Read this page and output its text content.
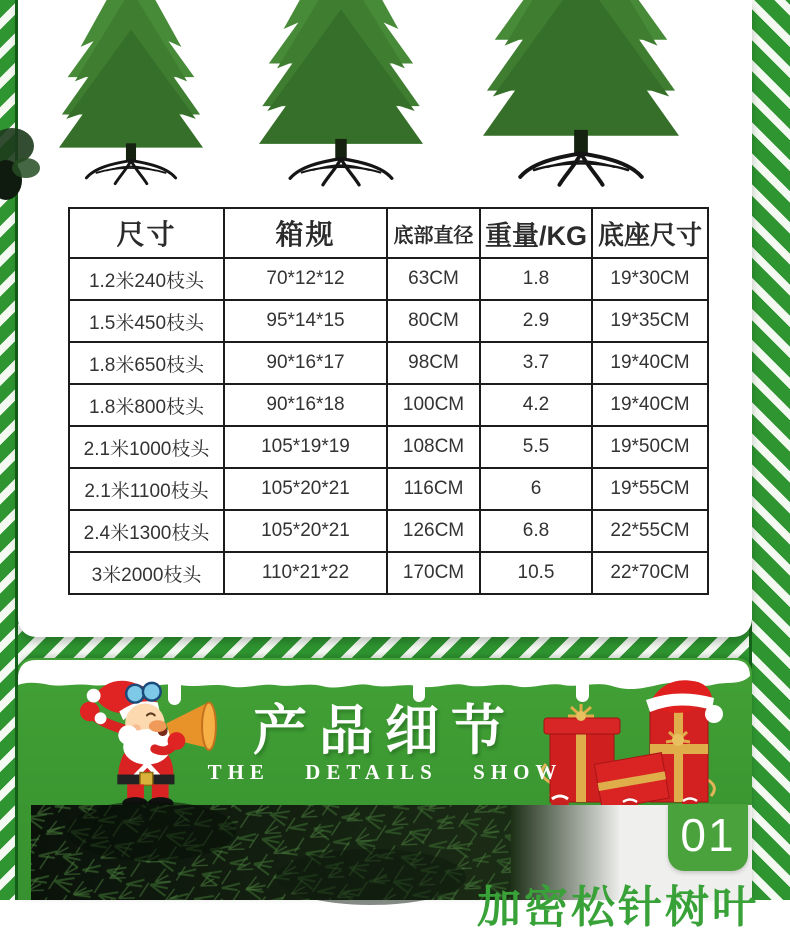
尺寸	箱规	底部直径	重量/KG	底座尺寸
1.2米240枝头	70*12*12	63CM	1.8	19*30CM
1.5米450枝头	95*14*15	80CM	2.9	19*35CM
1.8米650枝头	90*16*17	98CM	3.7	19*40CM
1.8米800枝头	90*16*18	100CM	4.2	19*40CM
2.1米1000枝头	105*19*19	108CM	5.5	19*50CM
2.1米1100枝头	105*20*21	116CM	6	19*55CM
2.4米1300枝头	105*20*21	126CM	6.8	22*55CM
3米2000枝头	110*21*22	170CM	10.5	22*70CM
产品细节
THE DETAILS SHOW
加密松针树叶
01
